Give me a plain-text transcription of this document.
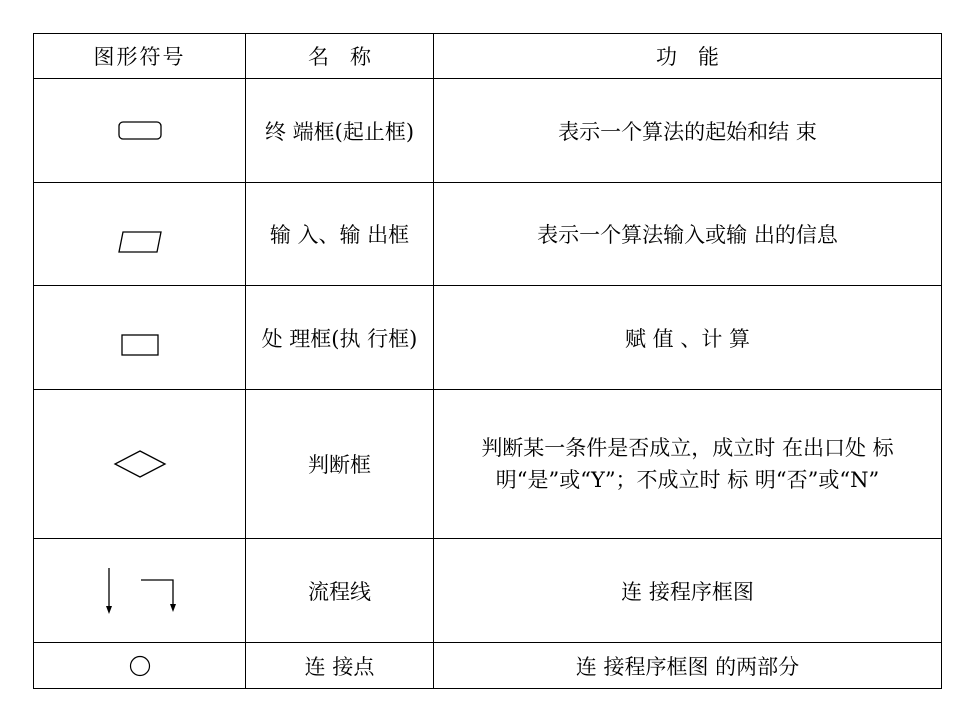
图形符号	名　称	功　能

	终 端框(起止框)	表示一个算法的起始和结 束

	输 入、输 出框	表示一个算法输入或输 出的信息

	处 理框(执 行框)	赋 值 、计 算

	判断框	判断某一条件是否成立，成立时 在出口处 标明“是”或“Y”；不成立时 标 明“否”或“N”

	流程线	连 接程序框图

	连 接点	连 接程序框图 的两部分
